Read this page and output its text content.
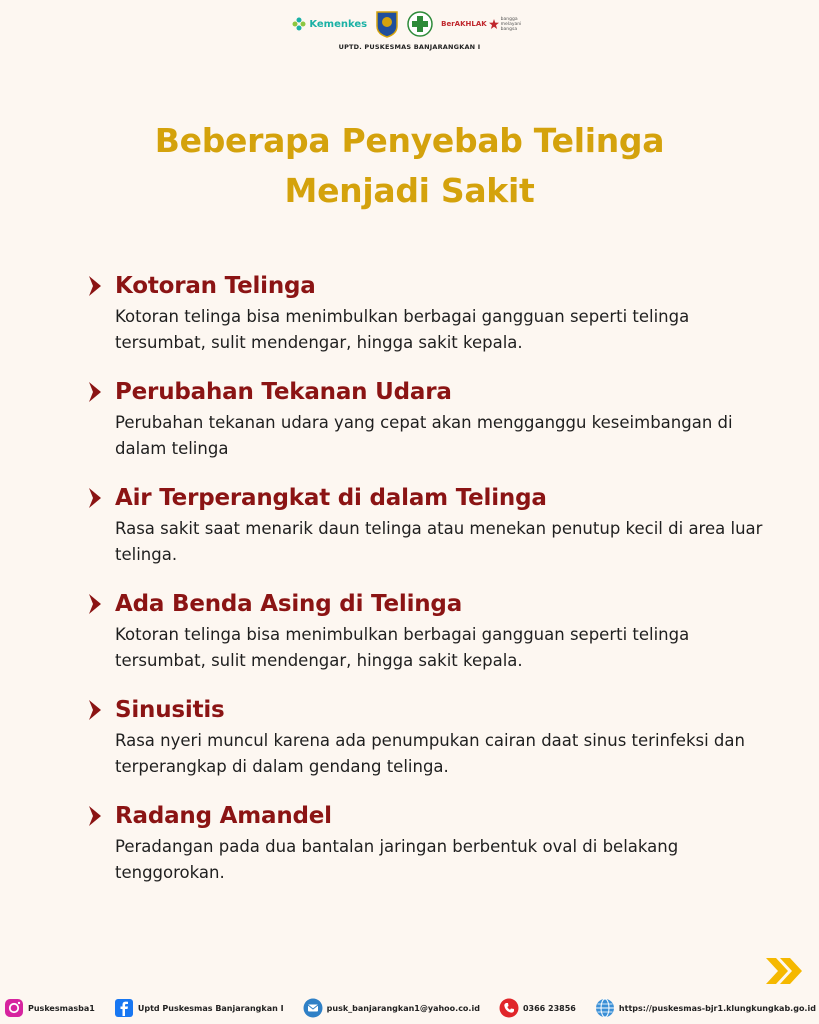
Kemenkes	BerAKHLAK
bangga melayani bangsa
UPTD. PUSKESMAS BANJARANGKAN I
Beberapa Penyebab Telinga
Menjadi Sakit
Kotoran Telinga
Kotoran telinga bisa menimbulkan berbagai gangguan seperti telinga tersumbat, sulit mendengar, hingga sakit kepala.
Perubahan Tekanan Udara
Perubahan tekanan udara yang cepat akan mengganggu keseimbangan di dalam telinga
Air Terperangkat di dalam Telinga
Rasa sakit saat menarik daun telinga atau menekan penutup kecil di area luar telinga.
Ada Benda Asing di Telinga
Kotoran telinga bisa menimbulkan berbagai gangguan seperti telinga tersumbat, sulit mendengar, hingga sakit kepala.
Sinusitis
Rasa nyeri muncul karena ada penumpukan cairan daat sinus terinfeksi dan terperangkap di dalam gendang telinga.
Radang Amandel
Peradangan pada dua bantalan jaringan berbentuk oval di belakang tenggorokan.
Puskesmasba1	Uptd Puskesmas Banjarangkan I	pusk_banjarangkan1@yahoo.co.id	0366 23856	https://puskesmas-bjr1.klungkungkab.go.id
